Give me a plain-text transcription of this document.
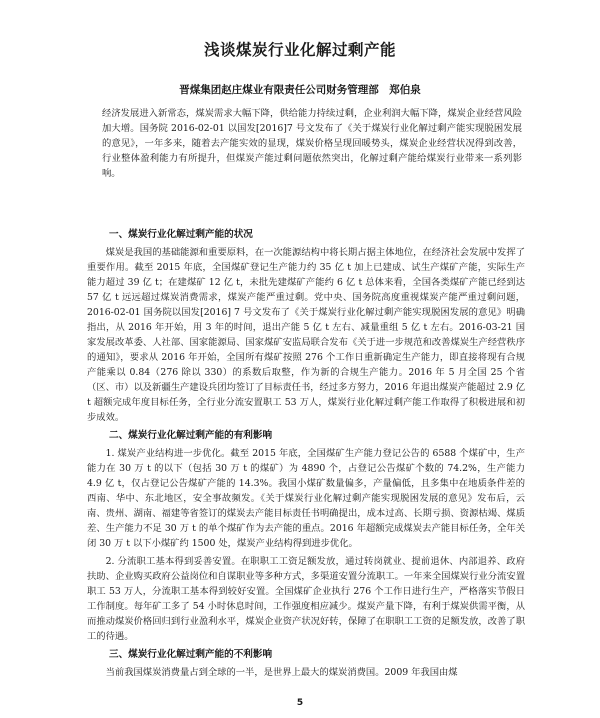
浅谈煤炭行业化解过剩产能
晋煤集团赵庄煤业有限责任公司财务管理部　郑伯泉
经济发展进入新常态，煤炭需求大幅下降，供给能力持续过剩，企业利润大幅下降，煤炭企业经营风险加大增。国务院 2016-02-01 以国发[2016]7 号文发布了《关于煤炭行业化解过剩产能实现脱困发展的意见》，一年多来，随着去产能实效的显现，煤炭价格呈现回暖势头，煤炭企业经营状况得到改善，行业整体盈利能力有所提升，但煤炭产能过剩问题依然突出，化解过剩产能给煤炭行业带来一系列影响。
一、煤炭行业化解过剩产能的状况

煤炭是我国的基础能源和重要原料，在一次能源结构中将长期占据主体地位，在经济社会发展中发挥了重要作用。截至 2015 年底，全国煤矿登记生产能力约 35 亿 t 加上已建成、试生产煤矿产能，实际生产能力超过 39 亿 t；在建煤矿 12 亿 t，未批先建煤矿产能约 6 亿 t 总体来看，全国各类煤矿产能已经到达 57 亿 t 远远超过煤炭消费需求，煤炭产能严重过剩。党中央、国务院高度重视煤炭产能严重过剩问题，2016-02-01 国务院以国发[2016] 7 号文发布了《关于煤炭行业化解过剩产能实现脱困发展的意见》明确指出，从 2016 年开始，用 3 年的时间，退出产能 5 亿 t 左右、减量重组 5 亿 t 左右。2016-03-21 国家发展改革委、人社部、国家能源局、国家煤矿安监局联合发布《关于进一步规范和改善煤炭生产经营秩序的通知》，要求从 2016 年开始，全国所有煤矿按照 276 个工作日重新确定生产能力，即直接将现有合规产能乘以 0.84（276 除以 330）的系数后取整，作为新的合规生产能力。2016 年 5 月全国 25 个省（区、市）以及新疆生产建设兵团均签订了目标责任书，经过多方努力，2016 年退出煤炭产能超过 2.9 亿 t 超额完成年度目标任务，全行业分流安置职工 53 万人，煤炭行业化解过剩产能工作取得了积极进展和初步成效。

二、煤炭行业化解过剩产能的有利影响

1. 煤炭产业结构进一步优化。截至 2015 年底，全国煤矿生产能力登记公告的 6588 个煤矿中，生产能力在 30 万 t 的以下（包括 30 万 t 的煤矿）为 4890 个，占登记公告煤矿个数的 74.2%，生产能力 4.9 亿 t，仅占登记公告煤矿产能的 14.3%。我国小煤矿数量偏多，产量偏低，且多集中在地质条件差的西南、华中、东北地区，安全事故频发。《关于煤炭行业化解过剩产能实现脱困发展的意见》发布后，云南、贵州、湖南、福建等省签订的煤炭去产能目标责任书明确提出，成本过高、长期亏损、资源枯竭、煤质差、生产能力不足 30 万 t 的单个煤矿作为去产能的重点。2016 年超额完成煤炭去产能目标任务，全年关闭 30 万 t 以下小煤矿约 1500 处，煤炭产业结构得到进步优化。

2. 分流职工基本得到妥善安置。在职职工工资足额发放，通过转岗就业、提前退休、内部退养、政府扶助、企业购买政府公益岗位和自谋职业等多种方式，多渠道安置分流职工。一年来全国煤炭行业分流安置职工 53 万人，分流职工基本得到较好安置。全国煤矿企业执行 276 个工作日进行生产，严格落实节假日工作制度。每年矿工多了 54 小时休息时间，工作强度相应减少。煤炭产量下降，有利于煤炭供需平衡，从而推动煤炭价格回归到行业盈利水平，煤炭企业资产状况好转，保障了在职职工工资的足额发放，改善了职工的待遇。

三、煤炭行业化解过剩产能的不利影响

当前我国煤炭消费量占到全球的一半，是世界上最大的煤炭消费国。2009 年我国由煤

5
